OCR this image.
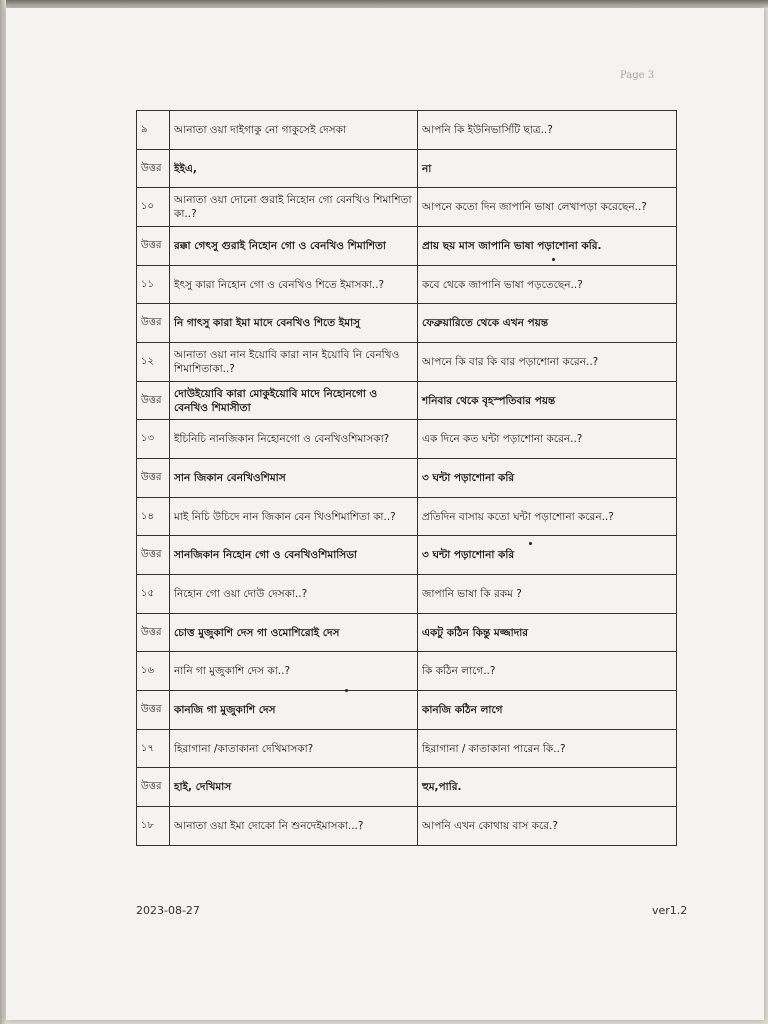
Page 3
৯	আনাতা ওয়া দাইগাকু নো গাকুসেই দেসকা	আপনি কি ইউনিভার্সিটি ছাত্র..?
উত্তর	ইইএ,	না
১০	আনাতা ওয়া দোনো গুরাই নিহোন গো বেনখিও শিমাশিতা কা..?	আপনে কতো দিন জাপানি ভাষা লেখাপড়া করেছেন..?
উত্তর	রক্কা গেৎসু গুরাই নিহোন গো ও বেনখিও শিমাশিতা	প্রায় ছয় মাস জাপানি ভাষা পড়াশোনা করি.
১১	ইৎসু কারা নিহোন গো ও বেনখিও শিতে ইমাসকা..?	কবে থেকে জাপানি ভাষা পড়তেছেন..?
উত্তর	নি গাৎসু কারা ইমা মাদে বেনখিও শিতে ইমাসু	ফেব্রুয়ারিতে থেকে এখন পয়ন্ত
১২	আনাতা ওয়া নান ইয়োবি কারা নান ইয়োবি নি বেনখিও শিমাশিতাকা..?	আপনে কি বার কি বার পড়াশোনা করেন..?
উত্তর	দোউইয়োবি কারা মোকুইয়োবি মাদে নিহোনগো ও বেনখিও শিমাসীতা	শনিবার থেকে বৃহস্পতিবার পয়ন্ত
১৩	ইচিনিচি নানজিকান নিহোনগো ও বেনখিওশিমাসকা?	এক দিনে কত ঘন্টা পড়াশোনা করেন..?
উত্তর	সান জিকান বেনখিওশিমাস	৩ ঘন্টা পড়াশোনা করি
১৪	মাই নিচি উচিদে নান জিকান বেন খিওশিমাশিতা কা..?	প্রতিদিন বাসায় কতো ঘন্টা পড়াশোনা করেন..?
উত্তর	সানজিকান নিহোন গো ও বেনখিওশিমাসিডা	৩ ঘন্টা পড়াশোনা করি
১৫	নিহোন গো ওয়া দোউ দেসকা..?	জাপানি ভাষা কি রকম ?
উত্তর	চোত্ত মুজুকাশি দেস গা ওমোশিরোই দেস	একটু কঠিন কিন্তু মজ্জাদার
১৬	নানি গা মুজুকাশি দেস কা..?	কি কঠিন লাগে..?
উত্তর	কানজি গা মুজুকাশি দেস	কানজি কঠিন লাগে
১৭	হিরাগানা /কাতাকানা দেখিমাসকা?	হিরাগানা / কাতাকানা পারেন কি..?
উত্তর	হাই, দেখিমাস	হুম,পারি.
১৮	আনাতা ওয়া ইমা দোকো নি শুনদেইমাসকা...?	আপনি এখন কোথায় বাস করে.?
2023-08-27	ver1.2
